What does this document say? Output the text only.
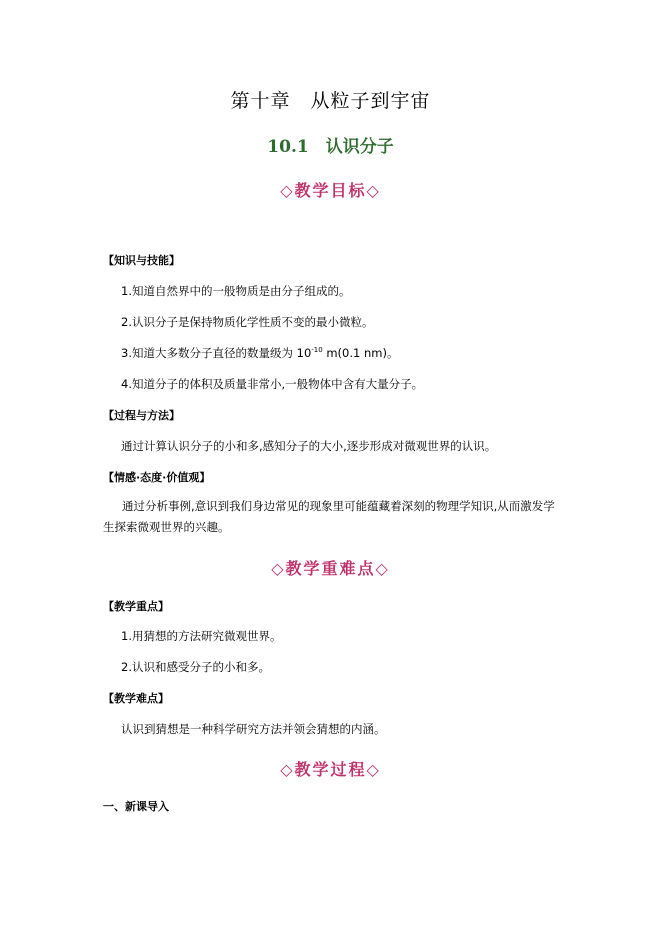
第十章　从粒子到宇宙
10.1　认识分子
◇教学目标◇
【知识与技能】
1.知道自然界中的一般物质是由分子组成的。
2.认识分子是保持物质化学性质不变的最小微粒。
3.知道大多数分子直径的数量级为 $10^{-10}$ m(0.1 nm)。
4.知道分子的体积及质量非常小,一般物体中含有大量分子。
【过程与方法】
通过计算认识分子的小和多,感知分子的大小,逐步形成对微观世界的认识。
【情感·态度·价值观】
通过分析事例,意识到我们身边常见的现象里可能蕴藏着深刻的物理学知识,从而激发学生探索微观世界的兴趣。
◇教学重难点◇
【教学重点】
1.用猜想的方法研究微观世界。
2.认识和感受分子的小和多。
【教学难点】
认识到猜想是一种科学研究方法并领会猜想的内涵。
◇教学过程◇
一、新课导入
